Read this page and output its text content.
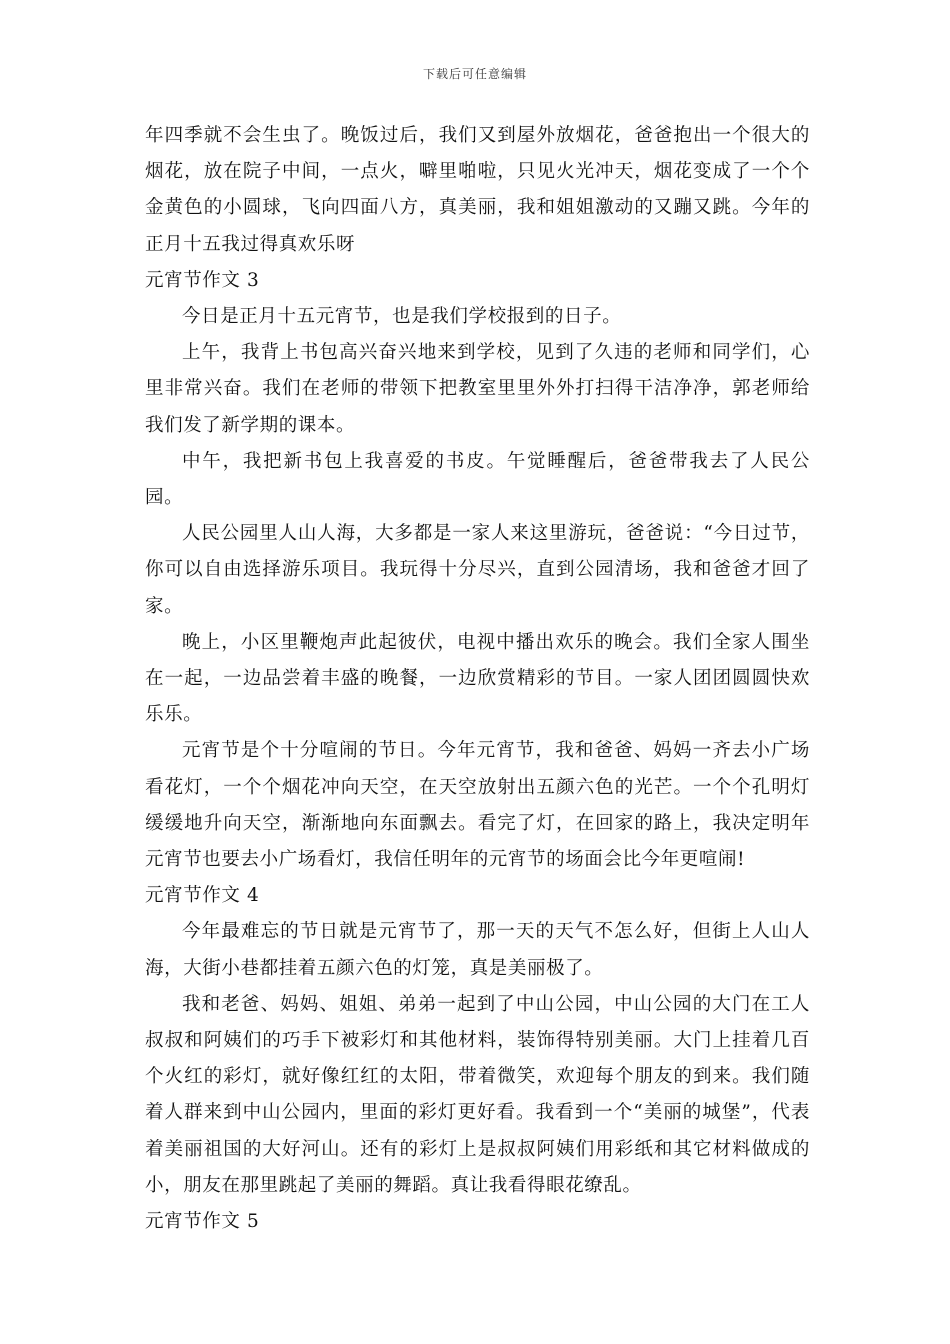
下载后可任意编辑

年四季就不会生虫了。晚饭过后，我们又到屋外放烟花，爸爸抱出一个很大的烟花，放在院子中间，一点火，噼里啪啦，只见火光冲天，烟花变成了一个个金黄色的小圆球，飞向四面八方，真美丽，我和姐姐激动的又蹦又跳。今年的正月十五我过得真欢乐呀

元宵节作文 3

今日是正月十五元宵节，也是我们学校报到的日子。

上午，我背上书包高兴奋兴地来到学校，见到了久违的老师和同学们，心里非常兴奋。我们在老师的带领下把教室里里外外打扫得干洁净净，郭老师给我们发了新学期的课本。

中午，我把新书包上我喜爱的书皮。午觉睡醒后，爸爸带我去了人民公园。

人民公园里人山人海，大多都是一家人来这里游玩，爸爸说：“今日过节，你可以自由选择游乐项目。我玩得十分尽兴，直到公园清场，我和爸爸才回了家。

晚上，小区里鞭炮声此起彼伏，电视中播出欢乐的晚会。我们全家人围坐在一起，一边品尝着丰盛的晚餐，一边欣赏精彩的节目。一家人团团圆圆快欢乐乐。

元宵节是个十分喧闹的节日。今年元宵节，我和爸爸、妈妈一齐去小广场看花灯，一个个烟花冲向天空，在天空放射出五颜六色的光芒。一个个孔明灯缓缓地升向天空，渐渐地向东面飘去。看完了灯，在回家的路上，我决定明年元宵节也要去小广场看灯，我信任明年的元宵节的场面会比今年更喧闹!

元宵节作文 4

今年最难忘的节日就是元宵节了，那一天的天气不怎么好，但街上人山人海，大街小巷都挂着五颜六色的灯笼，真是美丽极了。

我和老爸、妈妈、姐姐、弟弟一起到了中山公园，中山公园的大门在工人叔叔和阿姨们的巧手下被彩灯和其他材料，装饰得特别美丽。大门上挂着几百个火红的彩灯，就好像红红的太阳，带着微笑，欢迎每个朋友的到来。我们随着人群来到中山公园内，里面的彩灯更好看。我看到一个“美丽的城堡”，代表着美丽祖国的大好河山。还有的彩灯上是叔叔阿姨们用彩纸和其它材料做成的小，朋友在那里跳起了美丽的舞蹈。真让我看得眼花缭乱。

元宵节作文 5
